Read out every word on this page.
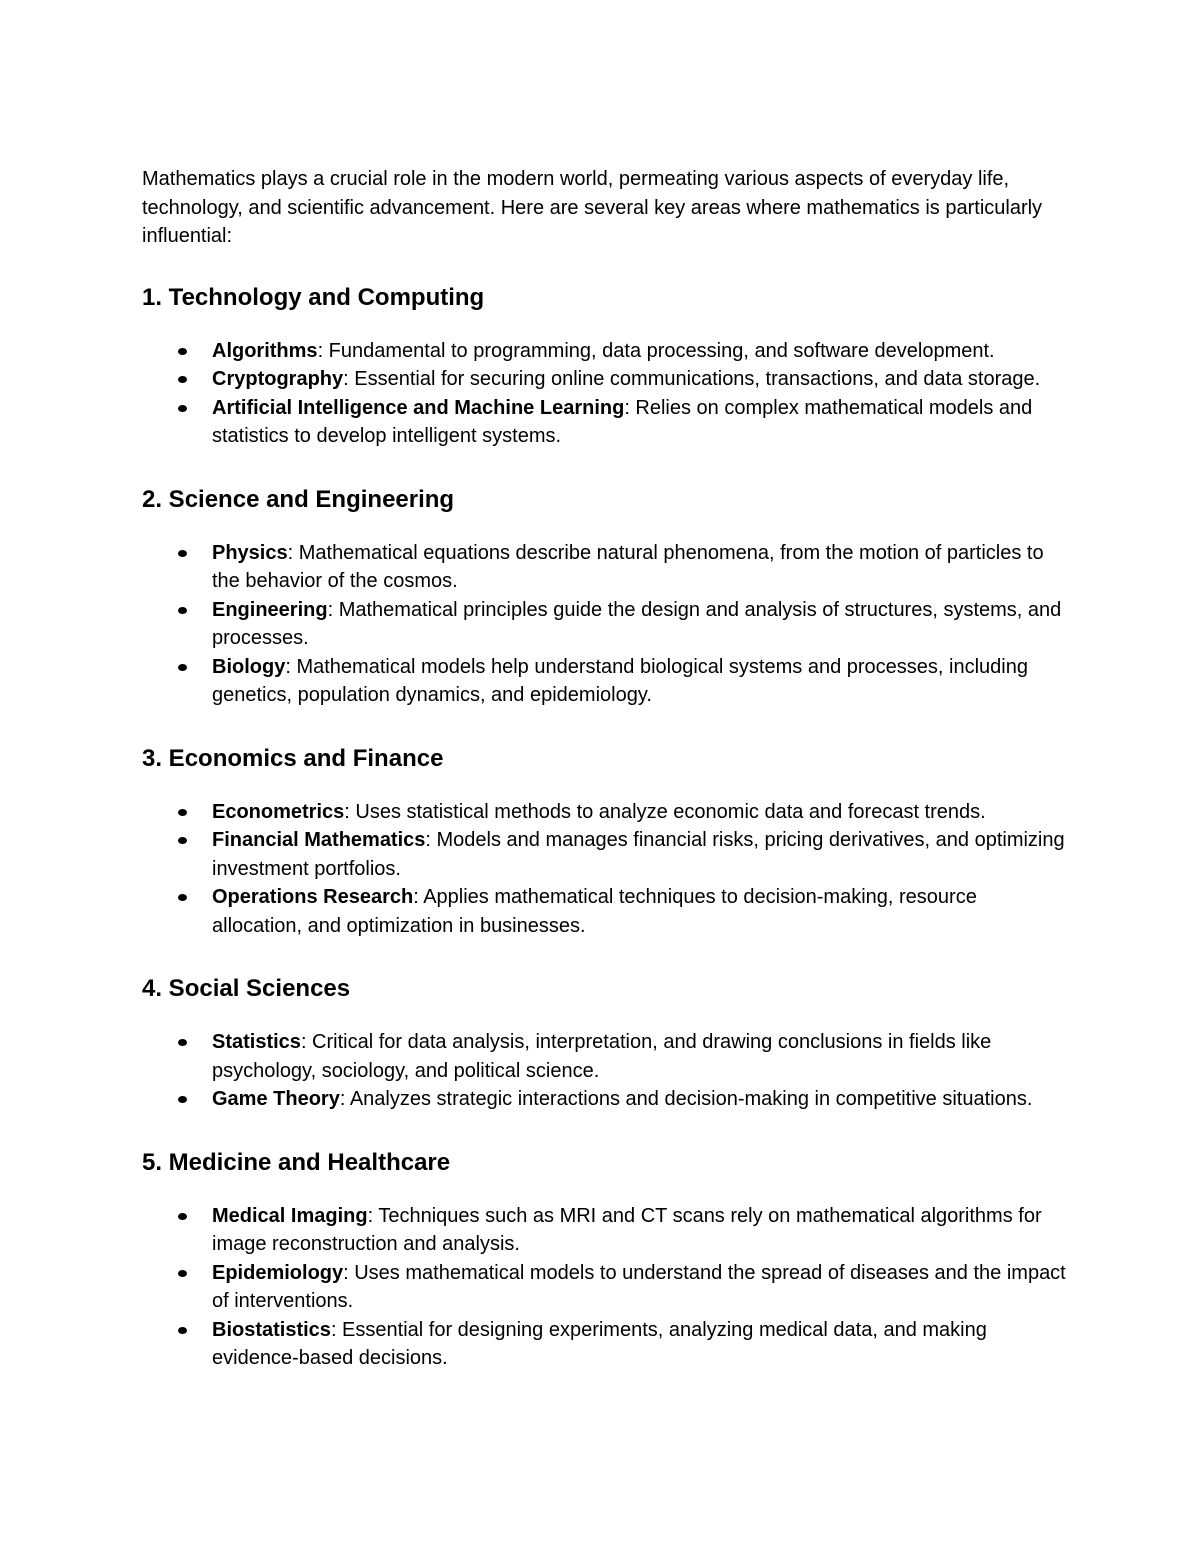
Mathematics plays a crucial role in the modern world, permeating various aspects of everyday life, technology, and scientific advancement. Here are several key areas where mathematics is particularly influential:

1. Technology and Computing
Algorithms: Fundamental to programming, data processing, and software development.
Cryptography: Essential for securing online communications, transactions, and data storage.
Artificial Intelligence and Machine Learning: Relies on complex mathematical models and statistics to develop intelligent systems.
2. Science and Engineering
Physics: Mathematical equations describe natural phenomena, from the motion of particles to the behavior of the cosmos.
Engineering: Mathematical principles guide the design and analysis of structures, systems, and processes.
Biology: Mathematical models help understand biological systems and processes, including genetics, population dynamics, and epidemiology.
3. Economics and Finance
Econometrics: Uses statistical methods to analyze economic data and forecast trends.
Financial Mathematics: Models and manages financial risks, pricing derivatives, and optimizing investment portfolios.
Operations Research: Applies mathematical techniques to decision-making, resource allocation, and optimization in businesses.
4. Social Sciences
Statistics: Critical for data analysis, interpretation, and drawing conclusions in fields like psychology, sociology, and political science.
Game Theory: Analyzes strategic interactions and decision-making in competitive situations.
5. Medicine and Healthcare
Medical Imaging: Techniques such as MRI and CT scans rely on mathematical algorithms for image reconstruction and analysis.
Epidemiology: Uses mathematical models to understand the spread of diseases and the impact of interventions.
Biostatistics: Essential for designing experiments, analyzing medical data, and making evidence-based decisions.
